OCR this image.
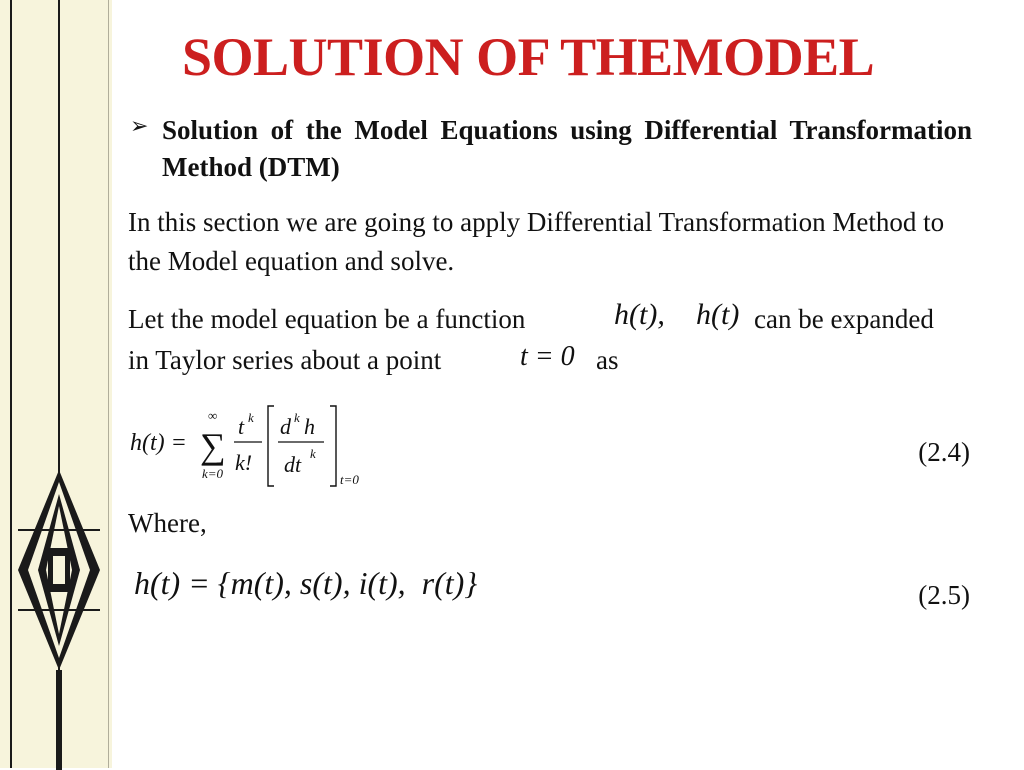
SOLUTION OF THEMODEL
➢ Solution of the Model Equations using Differential Transformation Method (DTM)

In this section we are going to apply Differential Transformation Method to the Model equation and solve.

Let the model equation be a function	h(t), h(t) can be expanded
in Taylor series about a point	t = 0 as
h(t) =
∞
∑
k=0
t k
k!
d k h
dt k
t=0
(2.4)

Where,

h(t) = {m(t), s(t), i(t),  r(t)}	(2.5)
